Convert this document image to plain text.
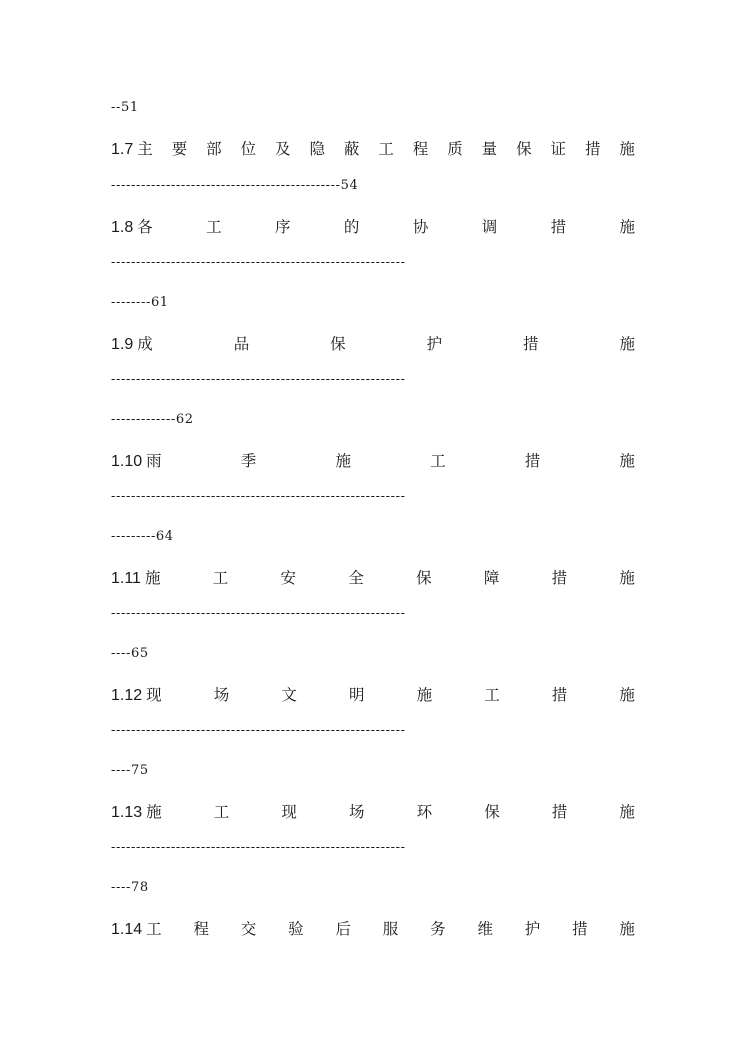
--51
1.7 主 要 部 位 及 隐 蔽 工 程 质 量 保 证 措 施
----------------------------------------------54
1.8 各	工	序	的	协	调	措	施
-----------------------------------------------------------
--------61
1.9 成	品	保	护	措	施
-----------------------------------------------------------
-------------62
1.10 雨	季	施	工	措	施
-----------------------------------------------------------
---------64
1.11 施	工	安	全	保	障	措	施
-----------------------------------------------------------
----65
1.12 现	场	文	明	施	工	措	施
-----------------------------------------------------------
----75
1.13 施	工	现	场	环	保	措	施
-----------------------------------------------------------
----78
1.14 工 程 交 验 后 服 务 维 护 措 施
